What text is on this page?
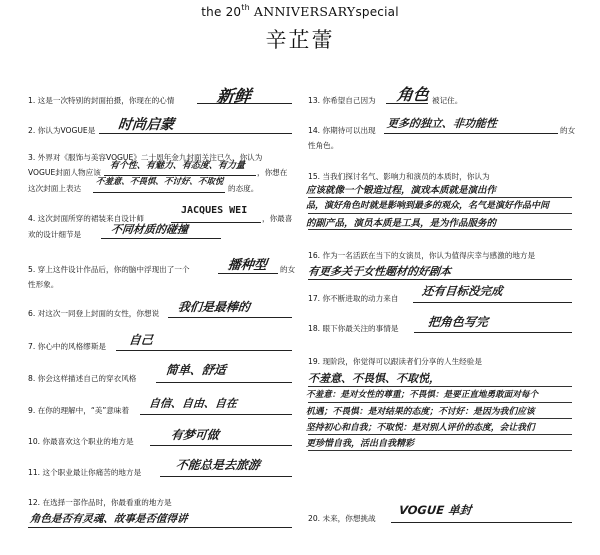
the 20th ANNIVERSARYspecial
辛芷蕾
1. 这是一次特别的封面拍摄，你现在的心情 新鲜
2. 你认为VOGUE是 时尚启蒙
3. 外界对《服饰与美容VOGUE》二十周年金九封面关注已久，你认为
VOGUE封面人物应该
有个性、有魅力、有态度、有力量
，你想在
这次封面上表达
不羞意、不畏惧、不讨好、不取悦
的态度。
4. 这次封面所穿的裙装来自设计师
JACQUES WEI
，你最喜
欢的设计细节是	不同材质的碰撞
5. 穿上这件设计作品后，你的脑中浮现出了一个	播种型 的女
性形象。
6. 对这次一同登上封面的女性，你想说 我们是最棒的
7. 你心中的风格缪斯是 自己
8. 你会这样描述自己的穿衣风格
简单、舒适
9. 在你的理解中，“美”意味着
自信、自由、自在
10. 你最喜欢这个职业的地方是	有梦可做
11. 这个职业最让你痛苦的地方是
不能总是去旅游
12. 在选择一部作品时，你最看重的地方是
角色是否有灵魂、故事是否值得讲
13. 你希望自己因为 角色 被记住。
14. 你期待可以出现
更多的独立、非功能性
的女
性角色。
15. 当我们探讨名气、影响力和演员的本质时，你认为
应该就像一个锻造过程，演戏本质就是演出作
品，演好角色时就是影响到最多的观众，名气是演好作品中间
的副产品，演员本质是工具，是为作品服务的
16. 作为一名活跃在当下的女演员，你认为值得庆幸与感激的地方是
有更多关于女性题材的好剧本
17. 你不断进取的动力来自
还有目标没完成
18. 眼下你最关注的事情是 把角色写完
19. 现阶段，你觉得可以跟读者们分享的人生经验是
不羞意、不畏惧、不取悦，
不羞意：是对女性的尊重；不畏惧：是要正直地勇敢面对每个
机遇；不畏惧：是对结果的态度；不讨好：是因为我们应该
坚持初心和自我；不取悦：是对别人评价的态度，会让我们
更珍惜自我，活出自我精彩
20. 未来，你想挑战
VOGUE 单封
